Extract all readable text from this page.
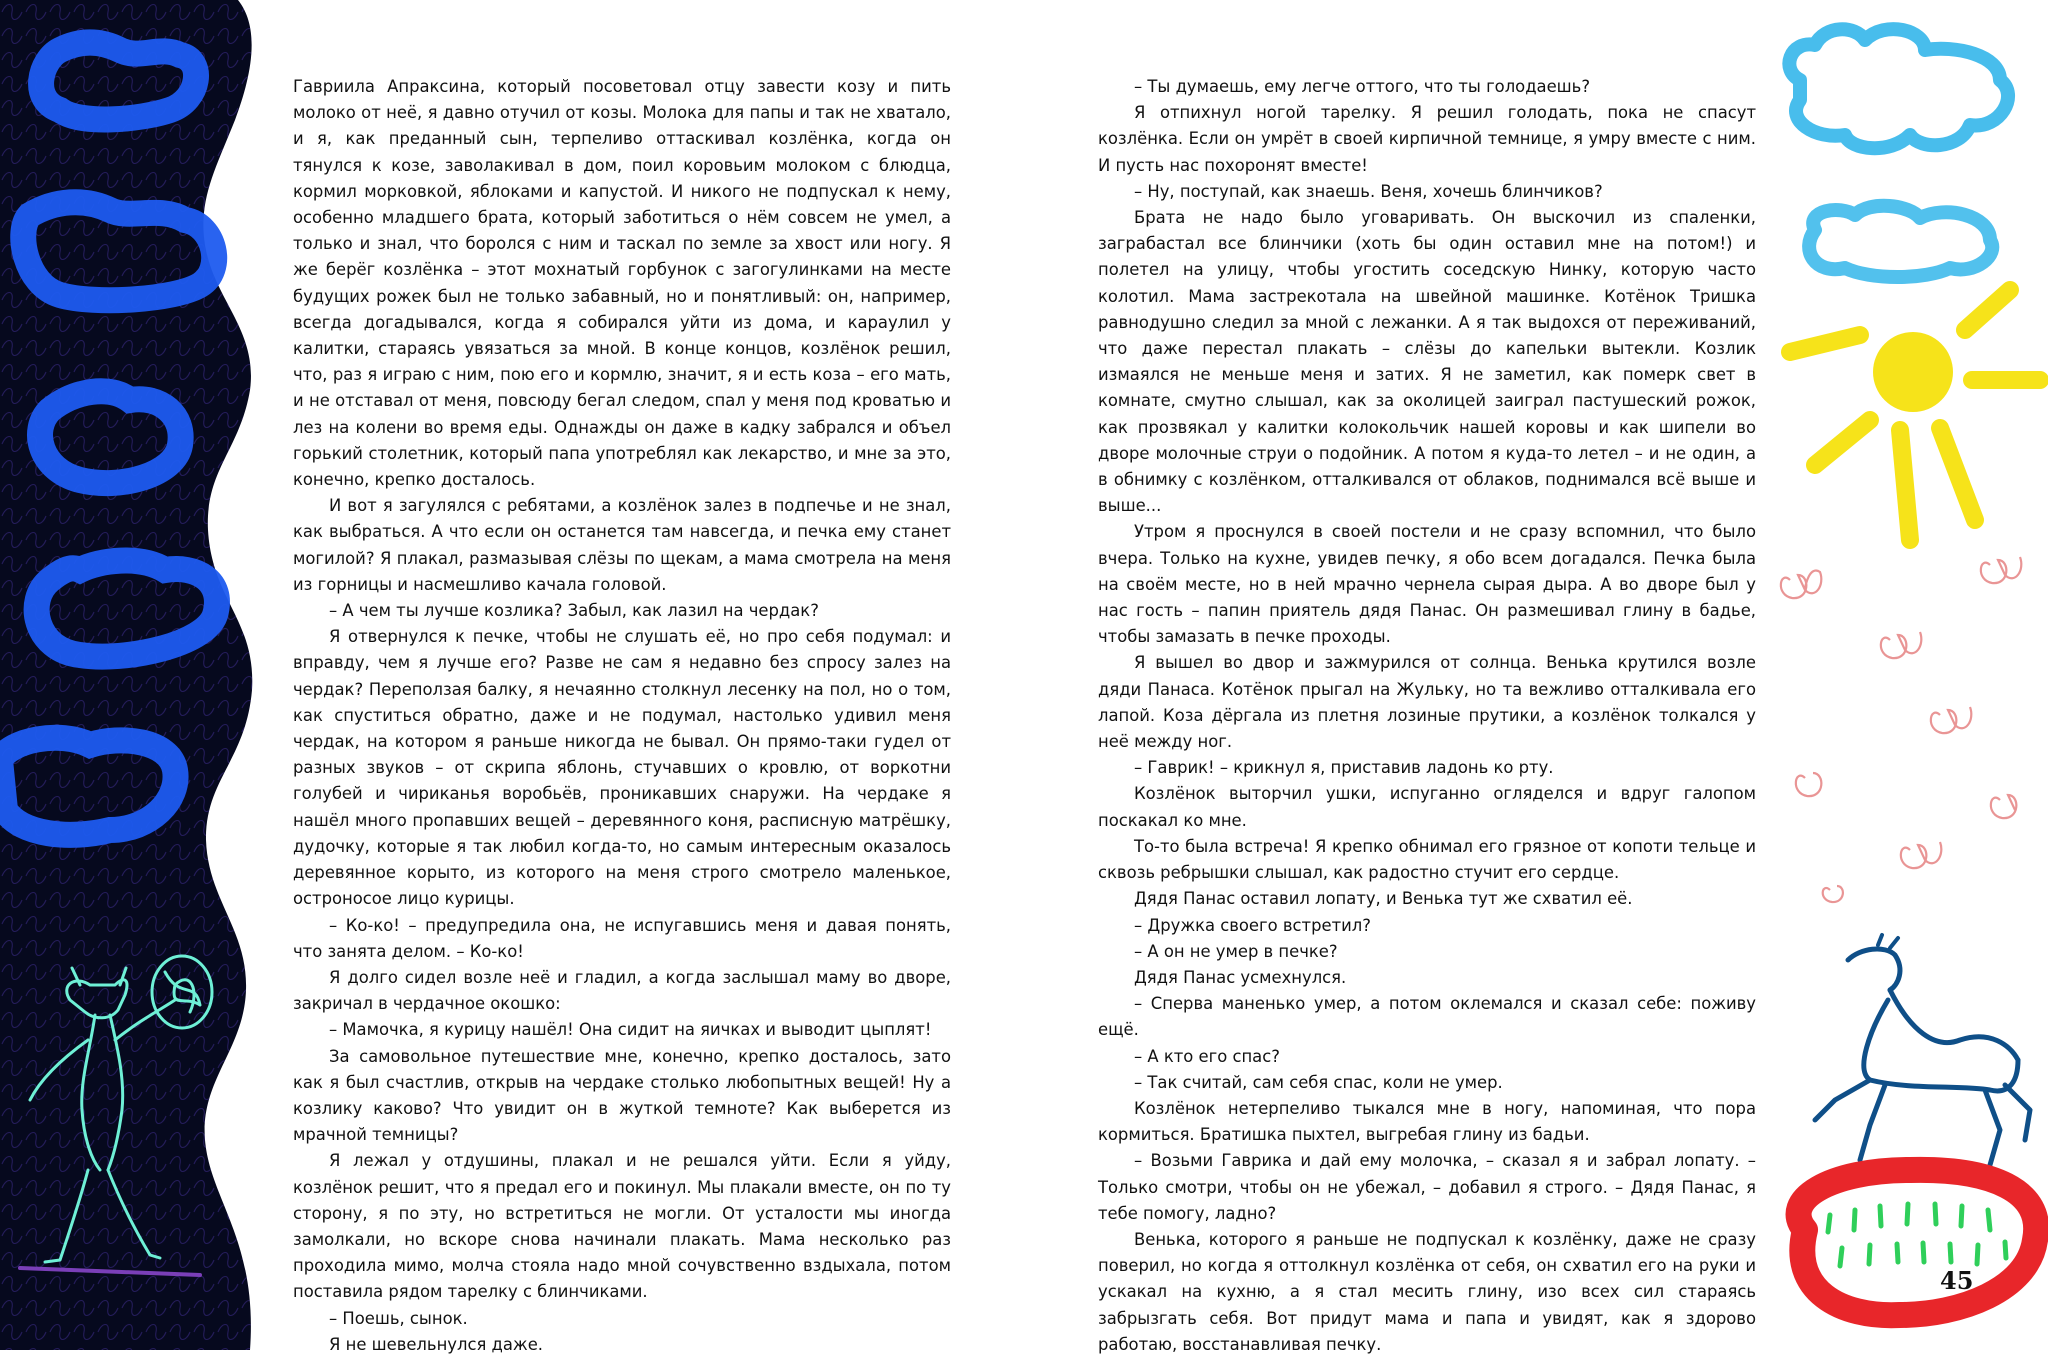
Гавриила Апраксина, который посоветовал отцу завести козу и пить молоко от неё, я давно отучил от козы. Молока для папы и так не хватало, и я, как преданный сын, терпеливо оттаскивал козлёнка, когда он тянулся к козе, заволакивал в дом, поил коровьим молоком с блюдца, кормил морковкой, яблоками и капустой. И никого не подпускал к нему, особенно младшего брата, который заботиться о нём совсем не умел, а только и знал, что боролся с ним и таскал по земле за хвост или ногу. Я же берёг козлёнка – этот мохнатый горбунок с загогулинками на месте будущих рожек был не только забавный, но и понятливый: он, например, всегда догадывался, когда я собирался уйти из дома, и караулил у калитки, стараясь увязаться за мной. В конце концов, козлёнок решил, что, раз я играю с ним, пою его и кормлю, значит, я и есть коза – его мать, и не отставал от меня, повсюду бегал следом, спал у меня под кроватью и лез на колени во время еды. Однажды он даже в кадку забрался и объел горький столетник, который папа употреблял как лекарство, и мне за это, конечно, крепко досталось.

И вот я загулялся с ребятами, а козлёнок залез в подпечье и не знал, как выбраться. А что если он останется там навсегда, и печка ему станет могилой? Я плакал, размазывая слёзы по щекам, а мама смотрела на меня из горницы и насмешливо качала головой.

– А чем ты лучше козлика? Забыл, как лазил на чердак?

Я отвернулся к печке, чтобы не слушать её, но про себя подумал: и вправду, чем я лучше его? Разве не сам я недавно без спросу залез на чердак? Переползая балку, я нечаянно столкнул лесенку на пол, но о том, как спуститься обратно, даже и не подумал, настолько удивил меня чердак, на котором я раньше никогда не бывал. Он прямо-таки гудел от разных звуков – от скрипа яблонь, стучавших о кровлю, от воркотни голубей и чириканья воробьёв, проникавших снаружи. На чердаке я нашёл много пропавших вещей – деревянного коня, расписную матрёшку, дудочку, которые я так любил когда-то, но самым интересным оказалось деревянное корыто, из которого на меня строго смотрело маленькое, остроносое лицо курицы.

– Ко-ко! – предупредила она, не испугавшись меня и давая понять, что занята делом. – Ко-ко!

Я долго сидел возле неё и гладил, а когда заслышал маму во дворе, закричал в чердачное окошко:

– Мамочка, я курицу нашёл! Она сидит на яичках и выводит цыплят!

За самовольное путешествие мне, конечно, крепко досталось, зато как я был счастлив, открыв на чердаке столько любопытных вещей! Ну а козлику каково? Что увидит он в жуткой темноте? Как выберется из мрачной темницы?

Я лежал у отдушины, плакал и не решался уйти. Если я уйду, козлёнок решит, что я предал его и покинул. Мы плакали вместе, он по ту сторону, я по эту, но встретиться не могли. От усталости мы иногда замолкали, но вскоре снова начинали плакать. Мама несколько раз проходила мимо, молча стояла надо мной сочувственно вздыхала, потом поставила рядом тарелку с блинчиками.

– Поешь, сынок.

Я не шевельнулся даже.

– Ты думаешь, ему легче оттого, что ты голодаешь?

Я отпихнул ногой тарелку. Я решил голодать, пока не спасут козлёнка. Если он умрёт в своей кирпичной темнице, я умру вместе с ним. И пусть нас похоронят вместе!

– Ну, поступай, как знаешь. Веня, хочешь блинчиков?

Брата не надо было уговаривать. Он выскочил из спаленки, заграбастал все блинчики (хоть бы один оставил мне на потом!) и полетел на улицу, чтобы угостить соседскую Нинку, которую часто колотил. Мама застрекотала на швейной машинке. Котёнок Тришка равнодушно следил за мной с лежанки. А я так выдохся от переживаний, что даже перестал плакать – слёзы до капельки вытекли. Козлик измаялся не меньше меня и затих. Я не заметил, как померк свет в комнате, смутно слышал, как за околицей заиграл пастушеский рожок, как прозвякал у калитки колокольчик нашей коровы и как шипели во дворе молочные струи о подойник. А потом я куда-то летел – и не один, а в обнимку с козлёнком, отталкивался от облаков, поднимался всё выше и выше...

Утром я проснулся в своей постели и не сразу вспомнил, что было вчера. Только на кухне, увидев печку, я обо всем догадался. Печка была на своём месте, но в ней мрачно чернела сырая дыра. А во дворе был у нас гость – папин приятель дядя Панас. Он размешивал глину в бадье, чтобы замазать в печке проходы.

Я вышел во двор и зажмурился от солнца. Венька крутился возле дяди Панаса. Котёнок прыгал на Жульку, но та вежливо отталкивала его лапой. Коза дёргала из плетня лозиные прутики, а козлёнок толкался у неё между ног.

– Гаврик! – крикнул я, приставив ладонь ко рту.

Козлёнок выторчил ушки, испуганно огляделся и вдруг галопом поскакал ко мне.

То-то была встреча! Я крепко обнимал его грязное от копоти тельце и сквозь ребрышки слышал, как радостно стучит его сердце.

Дядя Панас оставил лопату, и Венька тут же схватил её.

– Дружка своего встретил?

– А он не умер в печке?

Дядя Панас усмехнулся.

– Сперва маненько умер, а потом оклемался и сказал себе: поживу ещё.

– А кто его спас?

– Так считай, сам себя спас, коли не умер.

Козлёнок нетерпеливо тыкался мне в ногу, напоминая, что пора кормиться. Братишка пыхтел, выгребая глину из бадьи.

– Возьми Гаврика и дай ему молочка, – сказал я и забрал лопату. – Только смотри, чтобы он не убежал, – добавил я строго. – Дядя Панас, я тебе помогу, ладно?

Венька, которого я раньше не подпускал к козлёнку, даже не сразу поверил, но когда я оттолкнул козлёнка от себя, он схватил его на руки и ускакал на кухню, а я стал месить глину, изо всех сил стараясь забрызгать себя. Вот придут мама и папа и увидят, как я здорово работаю, восстанавливая печку.

45
